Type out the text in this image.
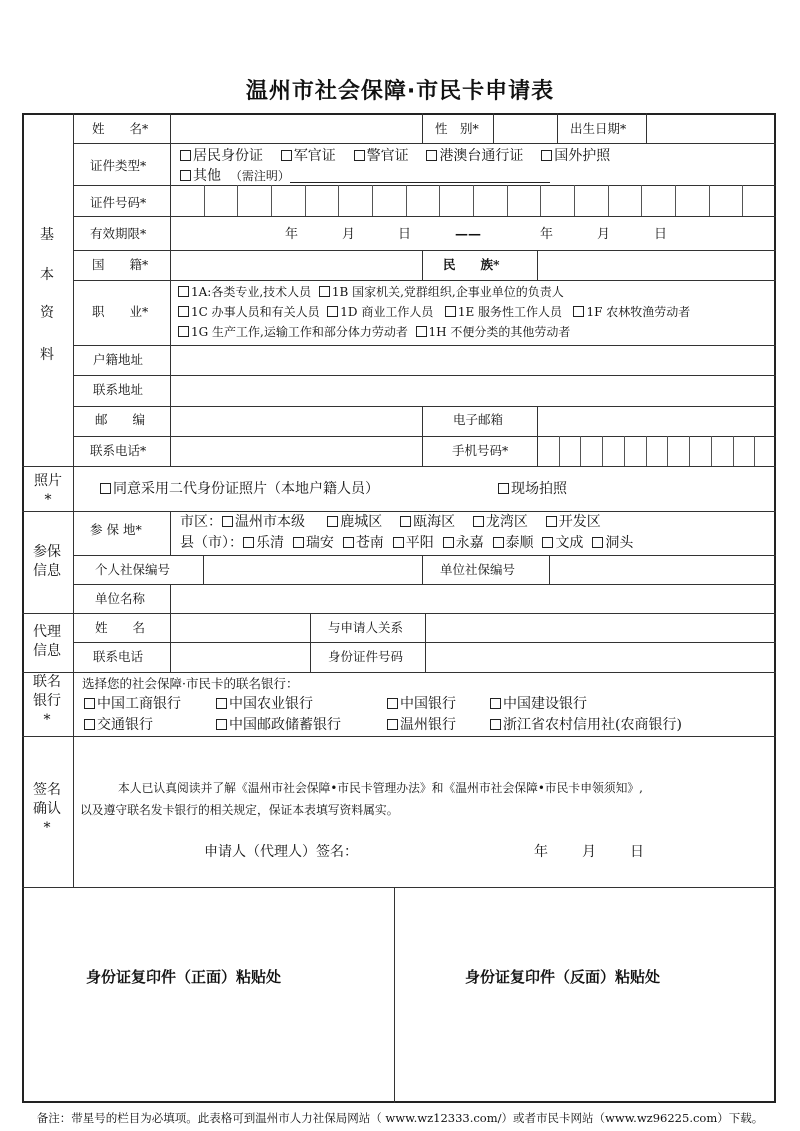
温州市社会保障·市民卡申请表
基
本
资
料
照片
*
参保
信息
代理
信息
联名
银行
*
签名
确认
*
姓　　名*	性　别*	出生日期*
证件类型*
居民身份证 军官证 警官证 港澳台通行证 国外护照
其他 （需注明）
证件号码*
有效期限*	年	月	日	——	年	月	日
国　　籍*	民　　族*
职　　业*
1A:各类专业,技术人员 1B 国家机关,党群组织,企事业单位的负责人
1C 办事人员和有关人员 1D 商业工作人员 1E 服务性工作人员 1F 农林牧渔劳动者
1G 生产工作,运输工作和部分体力劳动者 1H 不便分类的其他劳动者
户籍地址
联系地址
邮　　编	电子邮箱
联系电话*	手机号码*
同意采用二代身份证照片（本地户籍人员）	现场拍照
参 保 地*	市区： 温州市本级	鹿城区 瓯海区 龙湾区 开发区
县（市）： 乐清 瑞安 苍南 平阳 永嘉 泰顺 文成 洞头
个人社保编号	单位社保编号
单位名称
姓　　名	与申请人关系
联系电话	身份证件号码
选择您的社会保障·市民卡的联名银行：
中国工商银行	中国农业银行	中国银行	中国建设银行
交通银行	中国邮政储蓄银行	温州银行	浙江省农村信用社(农商银行)
本人已认真阅读并了解《温州市社会保障•市民卡管理办法》和《温州市社会保障•市民卡申领须知》,
以及遵守联名发卡银行的相关规定，保证本表填写资料属实。
申请人（代理人）签名：	年 月 日
身份证复印件（正面）粘贴处	身份证复印件（反面）粘贴处
备注：带星号的栏目为必填项。此表格可到温州市人力社保局网站（ www.wz12333.com/）或者市民卡网站（www.wz96225.com）下载。
